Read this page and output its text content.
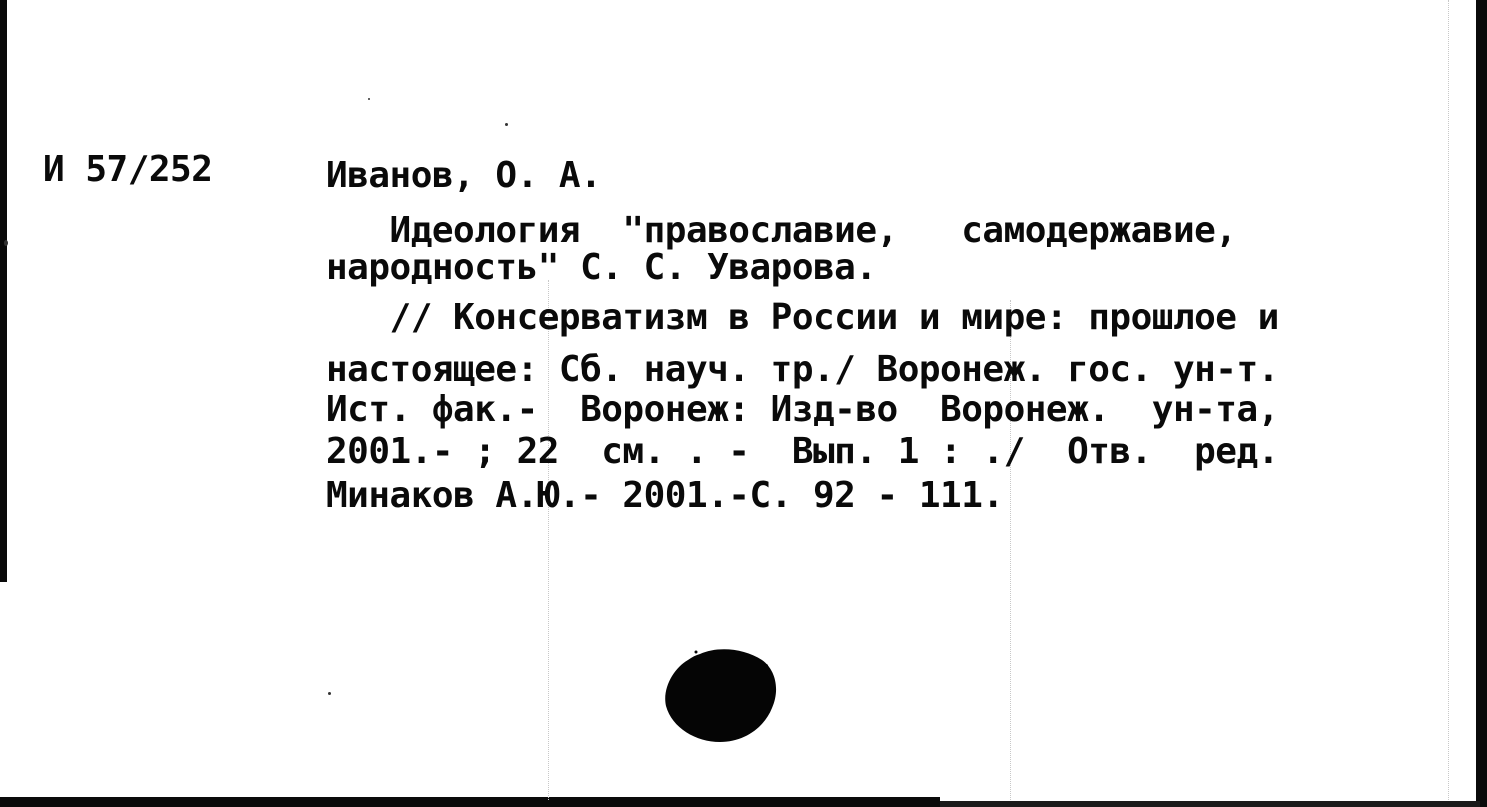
И 57/252	Иванов, О. А.
Идеология  "православие,   самодержавие,
народность" С. С. Уварова.
// Консерватизм в России и мире: прошлое и
настоящее: Сб. науч. тр./ Воронеж. гос. ун-т.
Ист. фак.-  Воронеж: Изд-во  Воронеж.  ун-та,
2001.- ; 22  см. . -  Вып. 1 : ./  Отв.  ред.
Минаков А.Ю.- 2001.-С. 92 - 111.
